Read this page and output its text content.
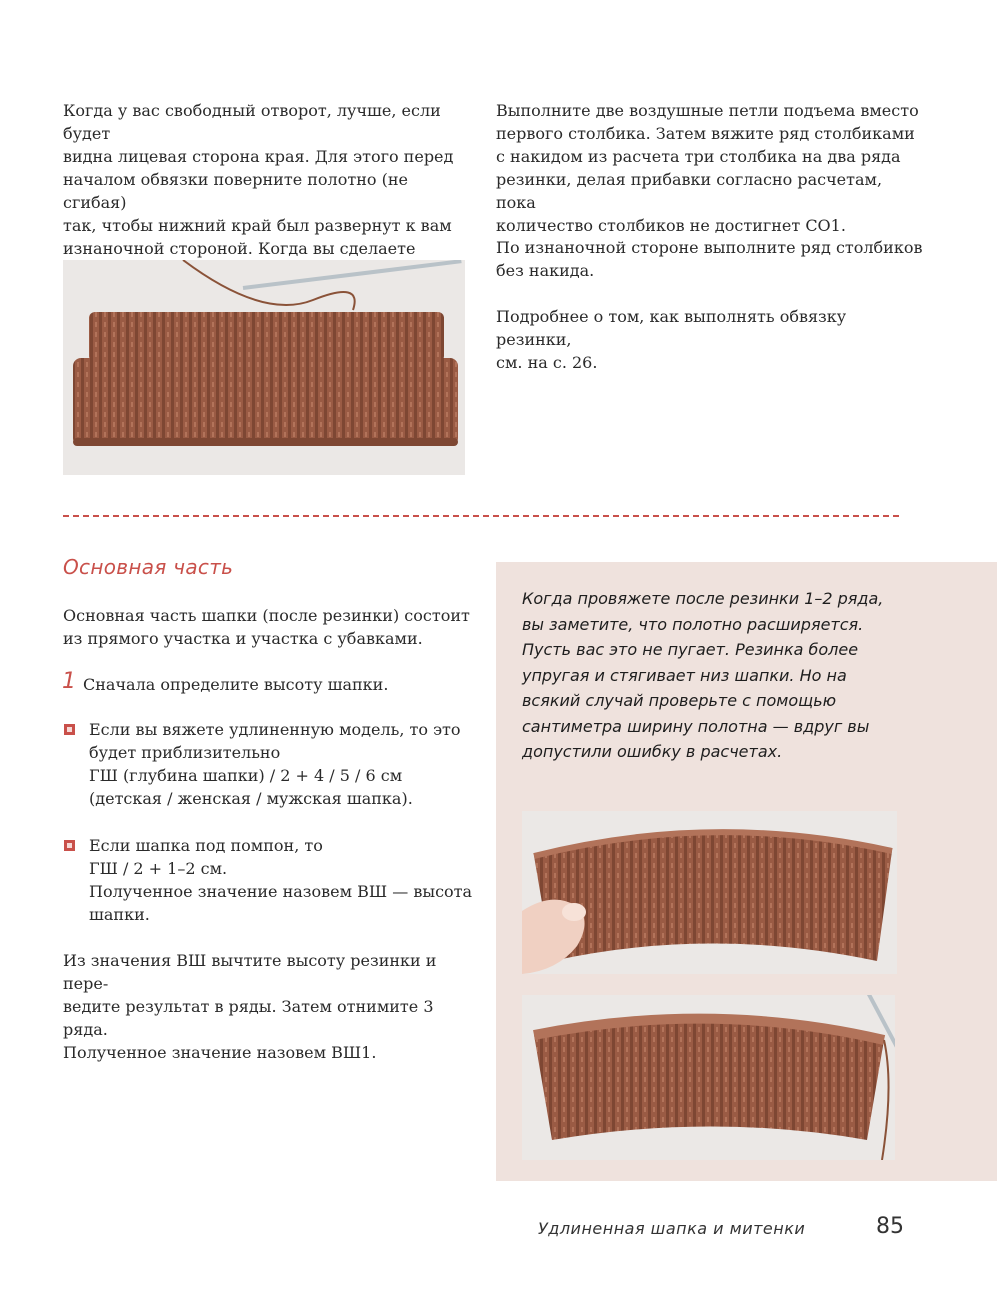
Когда у вас свободный отворот, лучше, если будет
видна лицевая сторона края. Для этого перед
началом обвязки поверните полотно (не сгибая)
так, чтобы нижний край был развернут к вам
изнаночной стороной. Когда вы сделаете
Выполните две воздушные петли подъема вместо
первого столбика. Затем вяжите ряд столбиками
с накидом из расчета три столбика на два ряда
резинки, делая прибавки согласно расчетам, пока
количество столбиков не достигнет СО1.
По изнаночной стороне выполните ряд столбиков
без накида.
Подробнее о том, как выполнять обвязку резинки,
см. на с. 26.
Основная часть
Основная часть шапки (после резинки) состоит
из прямого участка и участка с убавками.
1 Сначала определите высоту шапки.
Если вы вяжете удлиненную модель, то это
будет приблизительно
ГШ (глубина шапки) / 2 + 4 / 5 / 6 см
(детская / женская / мужская шапка).
Если шапка под помпон, то
ГШ / 2 + 1–2 см.
Полученное значение назовем ВШ — высота
шапки.
Из значения ВШ вычтите высоту резинки и пере-
ведите результат в ряды. Затем отнимите 3 ряда.
Полученное значение назовем ВШ1.
Когда провяжете после резинки 1–2 ряда,
вы заметите, что полотно расширяется.
Пусть вас это не пугает. Резинка более
упругая и стягивает низ шапки. Но на
всякий случай проверьте с помощью
сантиметра ширину полотна — вдруг вы
допустили ошибку в расчетах.
Удлиненная шапка и митенки	85
